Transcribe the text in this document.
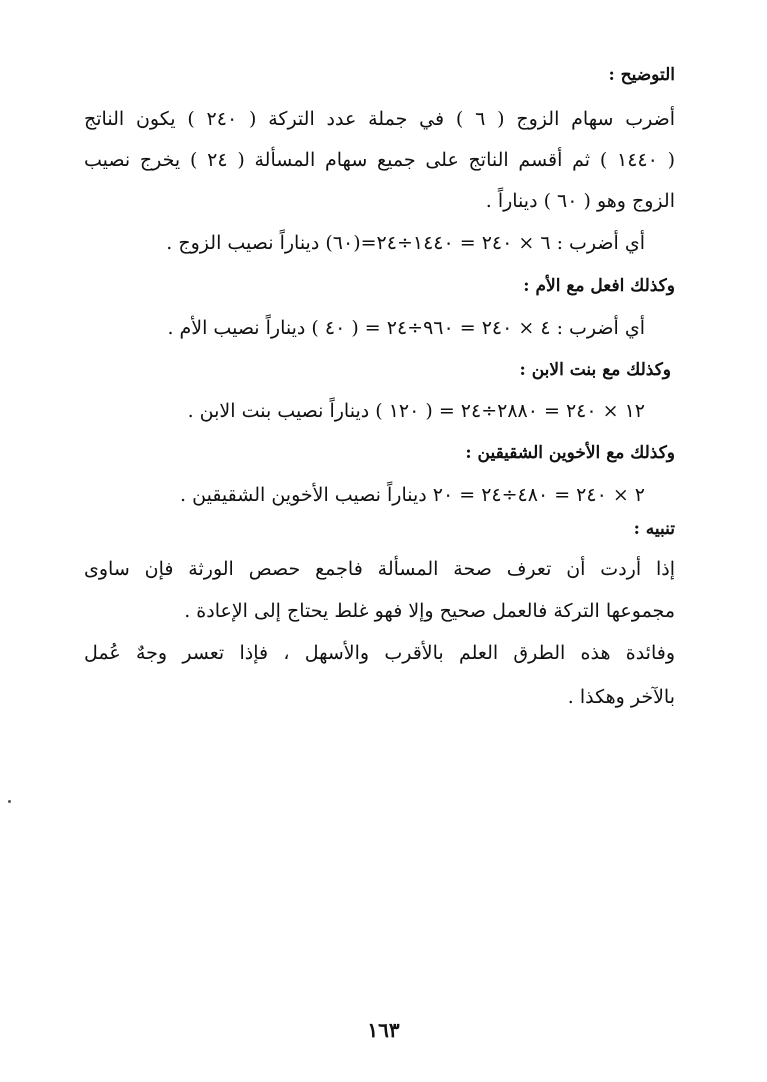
التوضيح :
أضرب سهام الزوج ( ٦ ) في جملة عدد التركة ( ٢٤٠ ) يكون الناتج
( ١٤٤٠ ) ثم أقسم الناتج على جميع سهام المسألة ( ٢٤ ) يخرج نصيب
الزوج وهو ( ٦٠ ) ديناراً .
أي أضرب : ٦ × ٢٤٠ = ١٤٤٠÷٢٤=(٦٠) ديناراً نصيب الزوج .
وكذلك افعل مع الأم :
أي أضرب : ٤ × ٢٤٠ = ٩٦٠÷٢٤ = ( ٤٠ ) ديناراً نصيب الأم .
وكذلك مع بنت الابن :
١٢ × ٢٤٠ = ٢٨٨٠÷٢٤ = ( ١٢٠ ) ديناراً نصيب بنت الابن .
وكذلك مع الأخوين الشقيقين :
٢ × ٢٤٠ = ٤٨٠÷٢٤ = ٢٠ ديناراً نصيب الأخوين الشقيقين .
تنبيه :
إذا أردت أن تعرف صحة المسألة فاجمع حصص الورثة فإن ساوى
مجموعها التركة فالعمل صحيح وإلا فهو غلط يحتاج إلى الإعادة .
وفائدة هذه الطرق العلم بالأقرب والأسهل ، فإذا تعسر وجهٌ عُمل
بالآخر وهكذا .
١٦٣
